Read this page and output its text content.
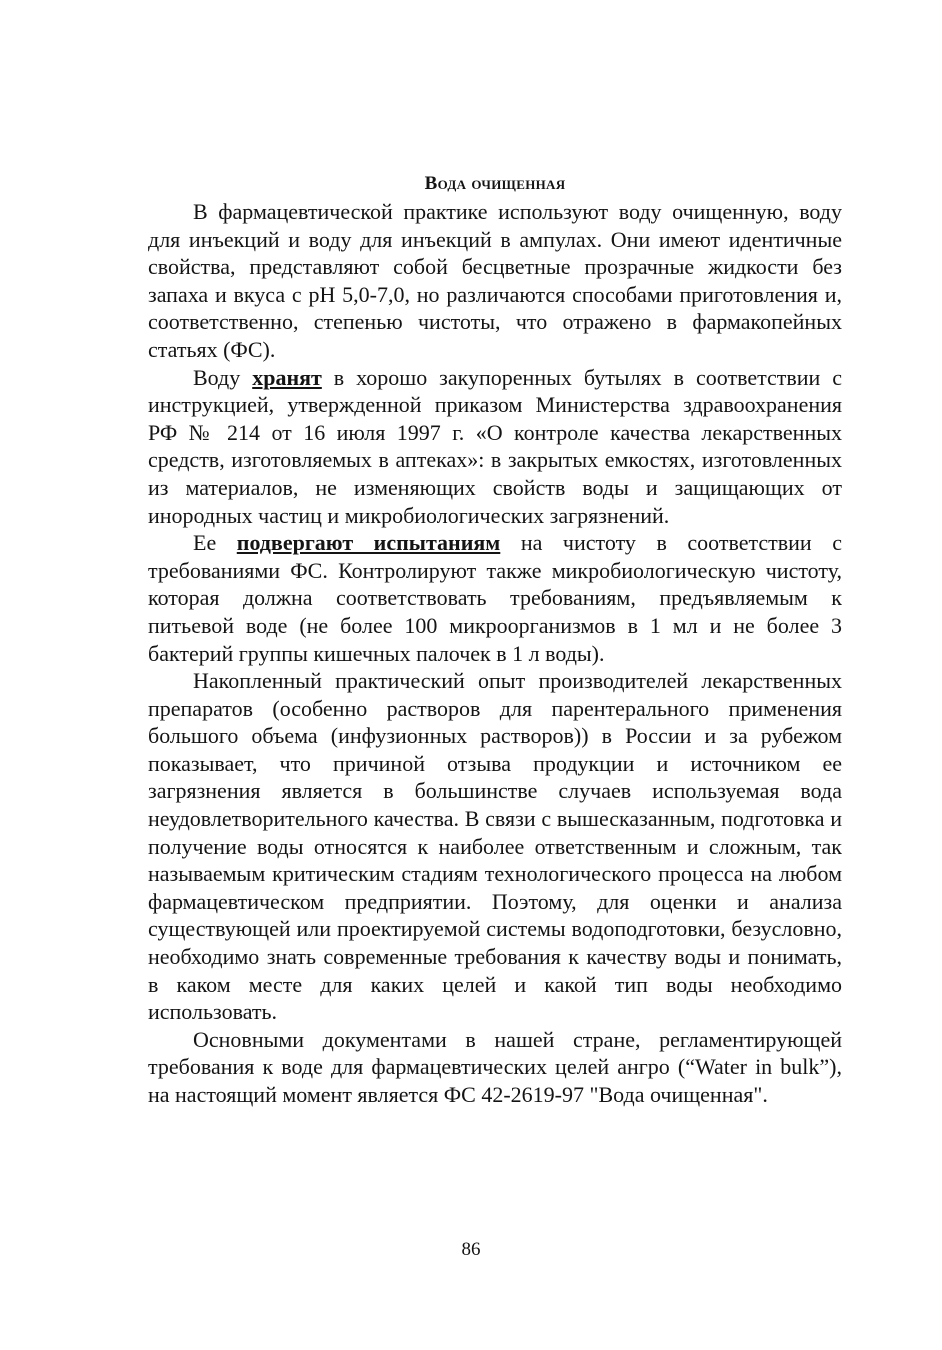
Вода очищенная

В фармацевтической практике используют воду очищенную, воду для инъекций и воду для инъекций в ампулах. Они имеют идентичные свойства, представляют собой бесцветные прозрачные жидкости без запаха и вкуса с рН 5,0-7,0, но различаются способами приготовления и, соответственно, степенью чистоты, что отражено в фармакопейных статьях (ФС).

Воду хранят в хорошо закупоренных бутылях в соответствии с инструкцией, утвержденной приказом Министерства здравоохранения РФ № 214 от 16 июля 1997 г. «О контроле качества лекарственных средств, изготовляемых в аптеках»: в закрытых емкостях, изготовленных из материалов, не изменяющих свойств воды и защищающих от инородных частиц и микробиологических загрязнений.

Ее подвергают испытаниям на чистоту в соответствии с требованиями ФС. Контролируют также микробиологическую чистоту, которая должна соответствовать требованиям, предъявляемым к питьевой воде (не более 100 микроорганизмов в 1 мл и не более 3 бактерий группы кишечных палочек в 1 л воды).

Накопленный практический опыт производителей лекарственных препаратов (особенно растворов для парентерального применения большого объема (инфузионных растворов)) в России и за рубежом показывает, что причиной отзыва продукции и источником ее загрязнения является в большинстве случаев используемая вода неудовлетворительного качества. В связи с вышесказанным, подготовка и получение воды относятся к наиболее ответственным и сложным, так называемым критическим стадиям технологического процесса на любом фармацевтическом предприятии. Поэтому, для оценки и анализа существующей или проектируемой системы водоподготовки, безусловно, необходимо знать современные требования к качеству воды и понимать, в каком месте для каких целей и какой тип воды необходимо использовать.

Основными документами в нашей стране, регламентирующей требования к воде для фармацевтических целей ангро (“Water in bulk”), на настоящий момент является ФС 42-2619-97 "Вода очищенная".

86
